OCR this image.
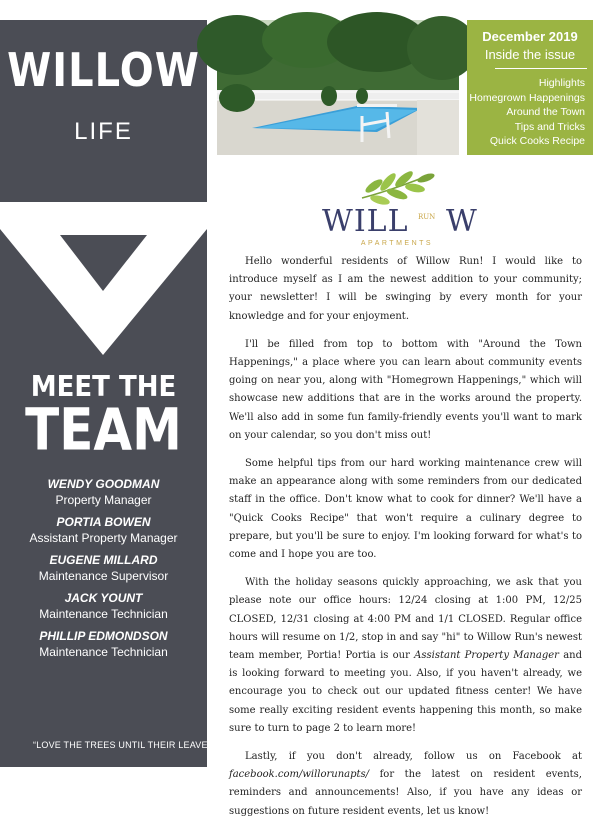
WILLOW
LIFE
MEET THE
TEAM
WENDY GOODMAN
Property Manager
PORTIA BOWEN
Assistant Property Manager
EUGENE MILLARD
Maintenance Supervisor
JACK YOUNT
Maintenance Technician
PHILLIP EDMONDSON
Maintenance Technician
December 2019
Inside the issue
Highlights
Homegrown Happenings
Around the Town
Tips and Tricks
Quick Cooks Recipe
WILL W
RUN
APARTMENTS

Hello wonderful residents of Willow Run! I would like to introduce myself as I am the newest addition to your community; your newsletter! I will be swinging by every month for your knowledge and for your enjoyment.

I'll be filled from top to bottom with "Around the Town Happenings," a place where you can learn about community events going on near you, along with "Homegrown Happenings," which will showcase new additions that are in the works around the property. We'll also add in some fun family-friendly events you'll want to mark on your calendar, so you don't miss out!

Some helpful tips from our hard working maintenance crew will make an appearance along with some reminders from our dedicated staff in the office. Don't know what to cook for dinner? We'll have a "Quick Cooks Recipe" that won't require a culinary degree to prepare, but you'll be sure to enjoy. I'm looking forward for what's to come and I hope you are too.

With the holiday seasons quickly approaching, we ask that you please note our office hours: 12/24 closing at 1:00 PM, 12/25 CLOSED, 12/31 closing at 4:00 PM and 1/1 CLOSED. Regular office hours will resume on 1/2, stop in and say "hi" to Willow Run's newest team member, Portia! Portia is our Assistant Property Manager and is looking forward to meeting you. Also, if you haven't already, we encourage you to check out our updated fitness center! We have some really exciting resident events happening this month, so make sure to turn to page 2 to learn more!

Lastly, if you don't already, follow us on Facebook at facebook.com/willorunapts/ for the latest on resident events, reminders and announcements! Also, if you have any ideas or suggestions on future resident events, let us know!

“LOVE THE TREES UNTIL THEIR LEAVES FALL OFF, THEN ENCOURAGE THEM TO TRY AGAIN NEXT YEAR.” - CHAD SUGG
